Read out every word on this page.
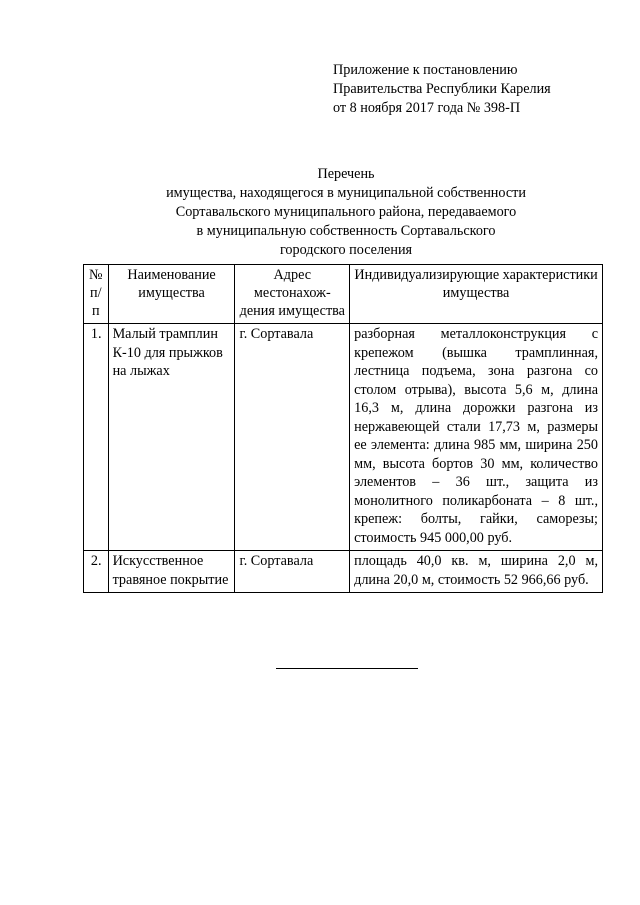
Приложение к постановлению
Правительства Республики Карелия
от 8 ноября 2017 года № 398-П
Перечень
имущества, находящегося в муниципальной собственности
Сортавальского муниципального района, передаваемого
в муниципальную собственность Сортавальского
городского поселения
№ п/п	Наименование имущества	Адрес местонахож-дения имущества	Индивидуализирующие характеристики имущества
1.	Малый трамплин К-10 для прыжков на лыжах	г. Сортавала	разборная металлоконструкция с крепежом (вышка трамплинная, лестница подъема, зона разгона со столом отрыва), высота 5,6 м, длина 16,3 м, длина дорожки разгона из нержавеющей стали 17,73 м, размеры ее элемента: длина 985 мм, ширина 250 мм, высота бортов 30 мм, количество элементов – 36 шт., защита из монолитного поликарбоната – 8 шт., крепеж: болты, гайки, саморезы; стоимость 945 000,00 руб.
2.	Искусственное травяное покрытие	г. Сортавала	площадь 40,0 кв. м, ширина 2,0 м, длина 20,0 м, стоимость 52 966,66 руб.
